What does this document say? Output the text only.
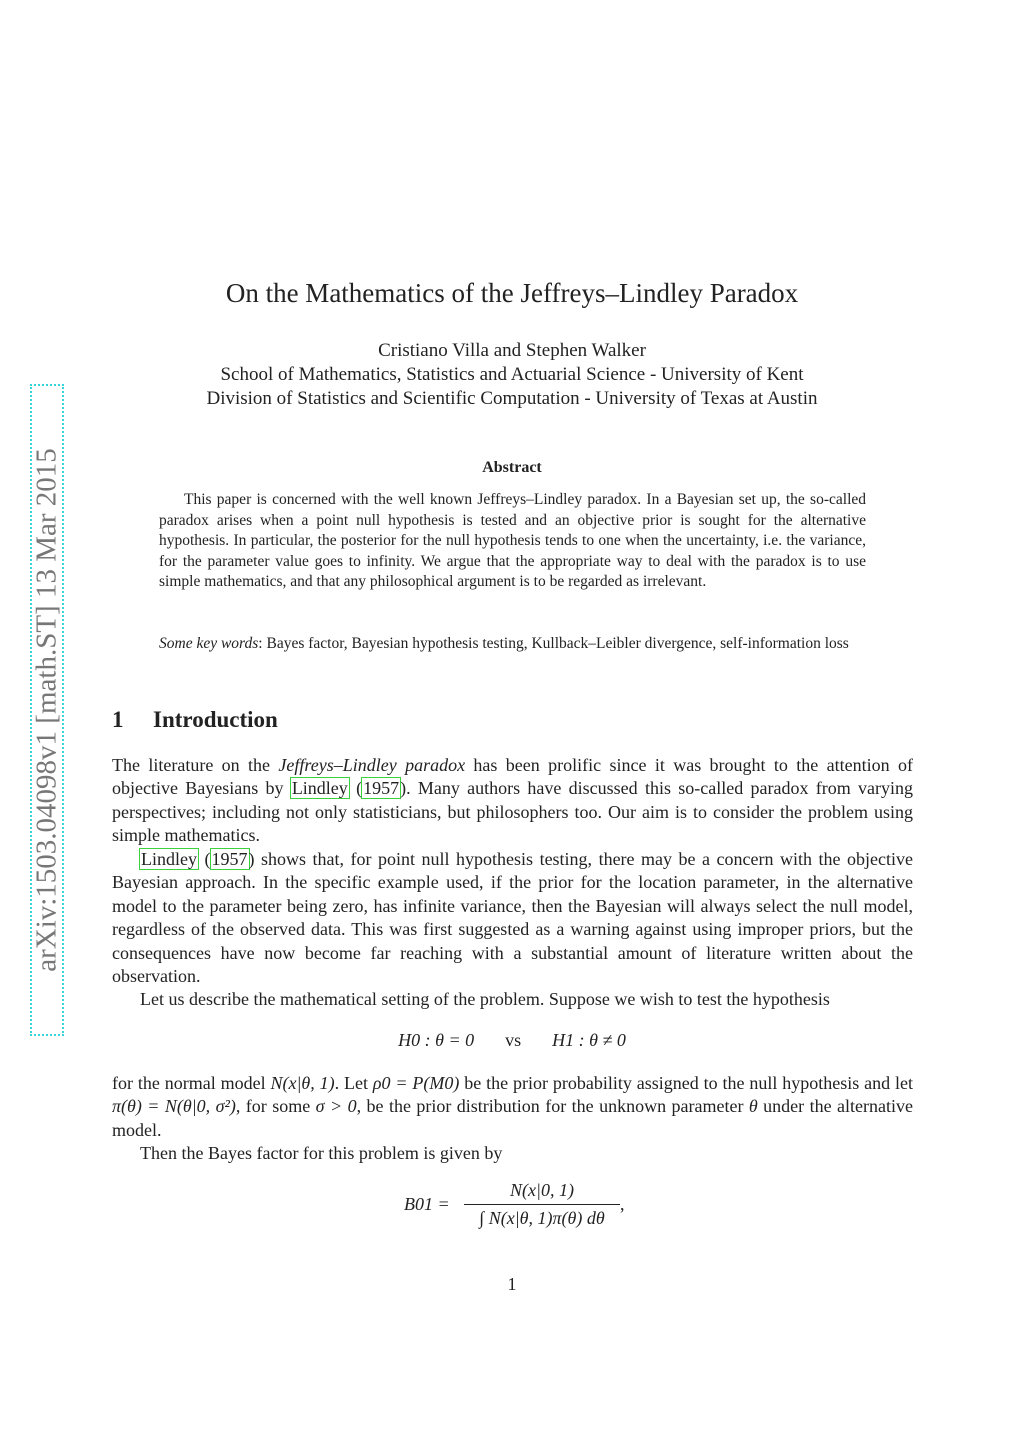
arXiv:1503.04098v1 [math.ST] 13 Mar 2015
On the Mathematics of the Jeffreys–Lindley Paradox
Cristiano Villa and Stephen Walker
School of Mathematics, Statistics and Actuarial Science - University of Kent
Division of Statistics and Scientific Computation - University of Texas at Austin
Abstract

This paper is concerned with the well known Jeffreys–Lindley paradox. In a Bayesian set up, the so-called paradox arises when a point null hypothesis is tested and an objective prior is sought for the alternative hypothesis. In particular, the posterior for the null hypothesis tends to one when the uncertainty, i.e. the variance, for the parameter value goes to infinity. We argue that the appropriate way to deal with the paradox is to use simple mathematics, and that any philosophical argument is to be regarded as irrelevant.

Some key words: Bayes factor, Bayesian hypothesis testing, Kullback–Leibler divergence, self-information loss

1 Introduction

The literature on the Jeffreys–Lindley paradox has been prolific since it was brought to the attention of objective Bayesians by Lindley (1957). Many authors have discussed this so-called paradox from varying perspectives; including not only statisticians, but philosophers too. Our aim is to consider the problem using simple mathematics.

Lindley (1957) shows that, for point null hypothesis testing, there may be a concern with the objective Bayesian approach. In the specific example used, if the prior for the location parameter, in the alternative model to the parameter being zero, has infinite variance, then the Bayesian will always select the null model, regardless of the observed data. This was first suggested as a warning against using improper priors, but the consequences have now become far reaching with a substantial amount of literature written about the observation.

Let us describe the mathematical setting of the problem. Suppose we wish to test the hypothesis

H0 : θ = 0 vs H1 : θ ≠ 0

for the normal model N(x|θ, 1). Let ρ0 = P(M0) be the prior probability assigned to the null hypothesis and let π(θ) = N(θ|0, σ²), for some σ > 0, be the prior distribution for the unknown parameter θ under the alternative model.

Then the Bayes factor for this problem is given by

B01 =
N(x|0, 1)
∫ N(x|θ, 1)π(θ) dθ
,
1
